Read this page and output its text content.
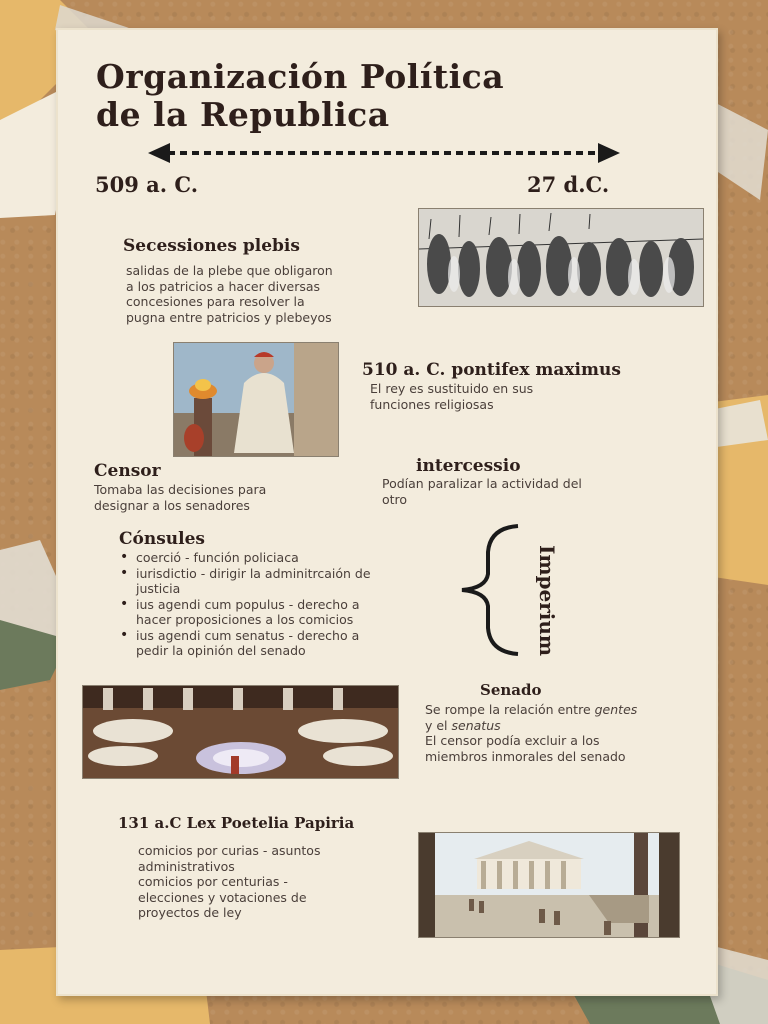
Organización Política
de la Republica
509 a. C.	27 d.C.
Secessiones plebis
salidas de la plebe que obligaron
a los patricios a hacer diversas
concesiones para resolver la
pugna entre patricios y plebeyos
510 a. C. pontifex maximus
El rey es sustituido en sus
funciones religiosas
Censor
Tomaba las decisiones para
designar a los senadores
intercessio
Podían paralizar la actividad del
otro
Cónsules
• coerció - función policiaca
• iurisdictio - dirigir la adminitrcaión de
justicia
• ius agendi cum populus - derecho a
hacer proposiciones a los comicios
• ius agendi cum senatus - derecho a
pedir la opinión del senado	Imperium
Senado
Se rompe la relación entre gentes
y el senatus
El censor podía excluir a los
miembros inmorales del senado
131 a.C Lex Poetelia Papiria
comicios por curias - asuntos
administrativos
comicios por centurias -
elecciones y votaciones de
proyectos de ley
